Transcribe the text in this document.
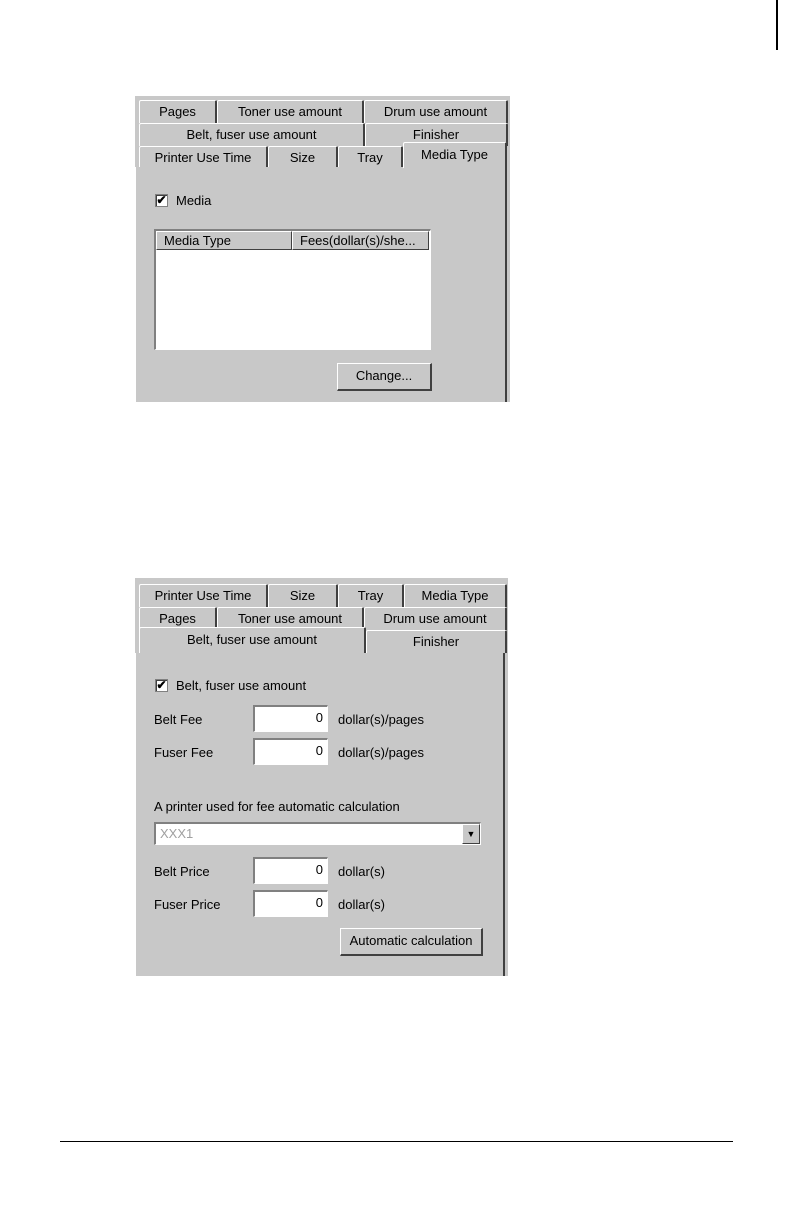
Pages	Toner use amount	Drum use amount
Belt, fuser use amount	Finisher
Printer Use Time	Size	Tray	Media Type
✔ Media
Media Type	Fees(dollar(s)/she...
Change...
Printer Use Time	Size	Tray	Media Type
Pages	Toner use amount	Drum use amount
Belt, fuser use amount	Finisher
✔ Belt, fuser use amount
Belt Fee	0	dollar(s)/pages
Fuser Fee	0	dollar(s)/pages
A printer used for fee automatic calculation
XXX1	▼
Belt Price	0	dollar(s)
Fuser Price	0	dollar(s)
Automatic calculation
